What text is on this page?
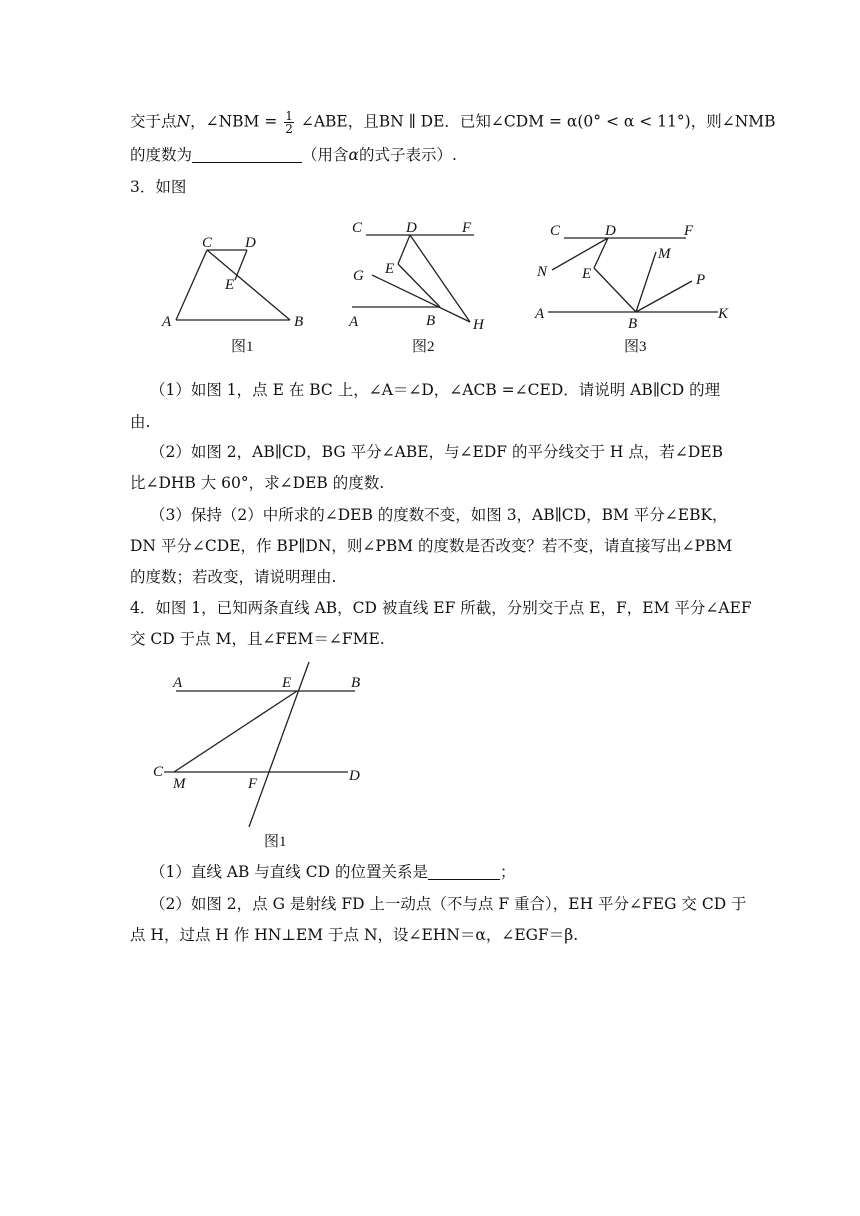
交于点N，∠NBM = $\frac{1}{2}$ ∠ABE，且BN ∥ DE．已知∠CDM = α(0° < α < 11°)，则∠NMB
的度数为	（用含α的式子表示）.
3．如图
C D
E
A	B
图1
C	D	F
G E
A	B	H
图2
C	D	F
M
N E	P
A
B
K
图3
（1）如图 1，点 E 在 BC 上，∠A＝∠D，∠ACB =∠CED．请说明 AB∥CD 的理
由.
（2）如图 2，AB∥CD，BG 平分∠ABE，与∠EDF 的平分线交于 H 点，若∠DEB
比∠DHB 大 60°，求∠DEB 的度数.
（3）保持（2）中所求的∠DEB 的度数不变，如图 3，AB∥CD，BM 平分∠EBK，
DN 平分∠CDE，作 BP∥DN，则∠PBM 的度数是否改变？若不变，请直接写出∠PBM
的度数；若改变，请说明理由.
4．如图 1，已知两条直线 AB，CD 被直线 EF 所截，分别交于点 E，F，EM 平分∠AEF
交 CD 于点 M，且∠FEM＝∠FME.
A	E	B
C
M	F	D
图1
（1）直线 AB 与直线 CD 的位置关系是	；
（2）如图 2，点 G 是射线 FD 上一动点（不与点 F 重合），EH 平分∠FEG 交 CD 于
点 H，过点 H 作 HN⊥EM 于点 N，设∠EHN＝α，∠EGF＝β.
